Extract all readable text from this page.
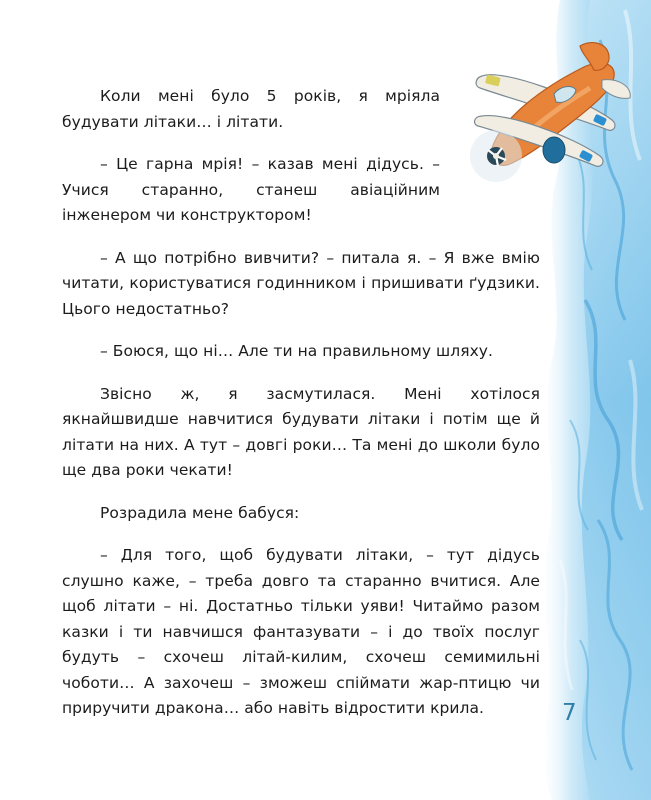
Коли мені було 5 років, я мріяла будувати літаки… і літати.

– Це гарна мрія! – казав мені дідусь. – Учися старанно, станеш авіаційним інженером чи конструктором!

– А що потрібно вивчити? – питала я. – Я вже вмію читати, користуватися годинником і пришивати ґудзики. Цього недостатньо?

– Боюся, що ні… Але ти на правильному шляху.

Звісно ж, я засмутилася. Мені хотілося якнайшвидше навчитися будувати літаки і потім ще й літати на них. А тут – довгі роки… Та мені до школи було ще два роки чекати!

Розрадила мене бабуся:

– Для того, щоб будувати літаки, – тут дідусь слушно каже, – треба довго та старанно вчитися. Але щоб літати – ні. Достатньо тільки уяви! Читаймо разом казки і ти навчишся фантазувати – і до твоїх послуг будуть – схочеш літай-килим, схочеш семимильні чоботи… А захочеш – зможеш спіймати жар-птицю чи приручити дракона… або навіть відростити крила.	7
